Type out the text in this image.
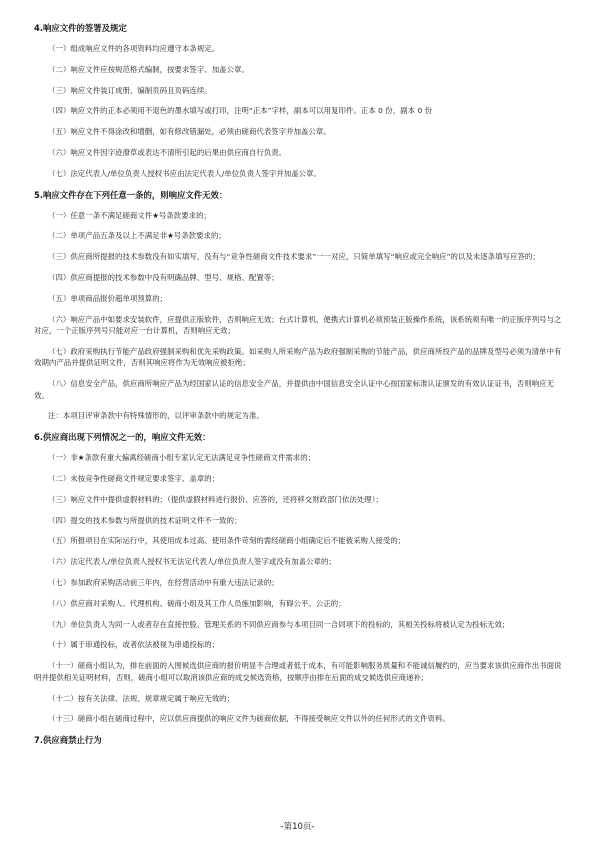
4.响应文件的签署及规定
（一）组成响应文件的各项资料均应遵守本条规定。
（二）响应文件应按规范格式编制，按要求签字、加盖公章。
（三）响应文件装订成册、编制页码且页码连续。
（四）响应文件的正本必须用不退色的墨水填写或打印，注明“正本”字样，副本可以用复印件。正本 0 份，副本 0 份
（五）响应文件不得涂改和增删，如有修改错漏处，必须由磋商代表签字并加盖公章。
（六）响应文件因字迹潦草或表达不清所引起的后果由供应商自行负责。
（七）法定代表人/单位负责人授权书应由法定代表人/单位负责人签字并加盖公章。
5.响应文件存在下列任意一条的，则响应文件无效：
（一）任意一条不满足磋商文件★号条款要求的；
（二）单项产品五条及以上不满足非★号条款要求的；
（三）供应商所提报的技术参数没有如实填写，没有与“竞争性磋商文件技术要求”一一对应，只简单填写“响应或完全响应”的以及未逐条填写应答的；
（四）供应商提报的技术参数中没有明确品牌、型号、规格、配置等；
（五）单项商品报价超单项预算的；
（六）响应产品中如要求安装软件，应提供正版软件，否则响应无效；台式计算机、便携式计算机必须预装正版操作系统，该系统须有唯一的正版序列号与之对应，一个正版序列号只能对应一台计算机，否则响应无效；
（七）政府采购执行节能产品政府强制采购和优先采购政策。如采购人所采购产品为政府强制采购的节能产品，供应商所投产品的品牌及型号必须为清单中有效期内产品并提供证明文件，否则其响应将作为无效响应被拒绝；
（八）信息安全产品，供应商所响应产品为经国家认证的信息安全产品，并提供由中国信息安全认证中心按国家标准认证颁发的有效认证证书，否则响应无效。
注：本项目评审条款中有特殊情形的，以评审条款中的规定为准。
6.供应商出现下列情况之一的，响应文件无效：
（一）非★条款有重大偏离经磋商小组专家认定无法满足竞争性磋商文件需求的；
（二）未按竞争性磋商文件规定要求签字、盖章的；
（三）响应文件中提供虚假材料的；（提供虚假材料进行报价、应答的，还将移交财政部门依法处理）；
（四）提交的技术参数与所提供的技术证明文件不一致的；
（五）所报项目在实际运行中，其使用成本过高、使用条件苛刻的需经磋商小组确定后不能被采购人接受的；
（六）法定代表人/单位负责人授权书无法定代表人/单位负责人签字或没有加盖公章的；
（七）参加政府采购活动前三年内，在经营活动中有重大违法记录的；
（八）供应商对采购人、代理机构、磋商小组及其工作人员施加影响，有碍公平、公正的；
（九）单位负责人为同一人或者存在直接控股、管理关系的不同供应商参与本项目同一合同项下的投标的，其相关投标将被认定为投标无效；
（十）属于串通投标，或者依法被视为串通投标的；
（十一）磋商小组认为，排在前面的入围候选供应商的报价明显不合理或者低于成本，有可能影响服务质量和不能诚信履约的，应当要求该供应商作出书面说明并提供相关证明材料，否则，磋商小组可以取消该供应商的成交候选资格，按顺序由排在后面的成交候选供应商递补；
（十二）按有关法律、法规、规章规定属于响应无效的；
（十三）磋商小组在磋商过程中，应以供应商提供的响应文件为磋商依据，不得接受响应文件以外的任何形式的文件资料。
7.供应商禁止行为
-第10页-
